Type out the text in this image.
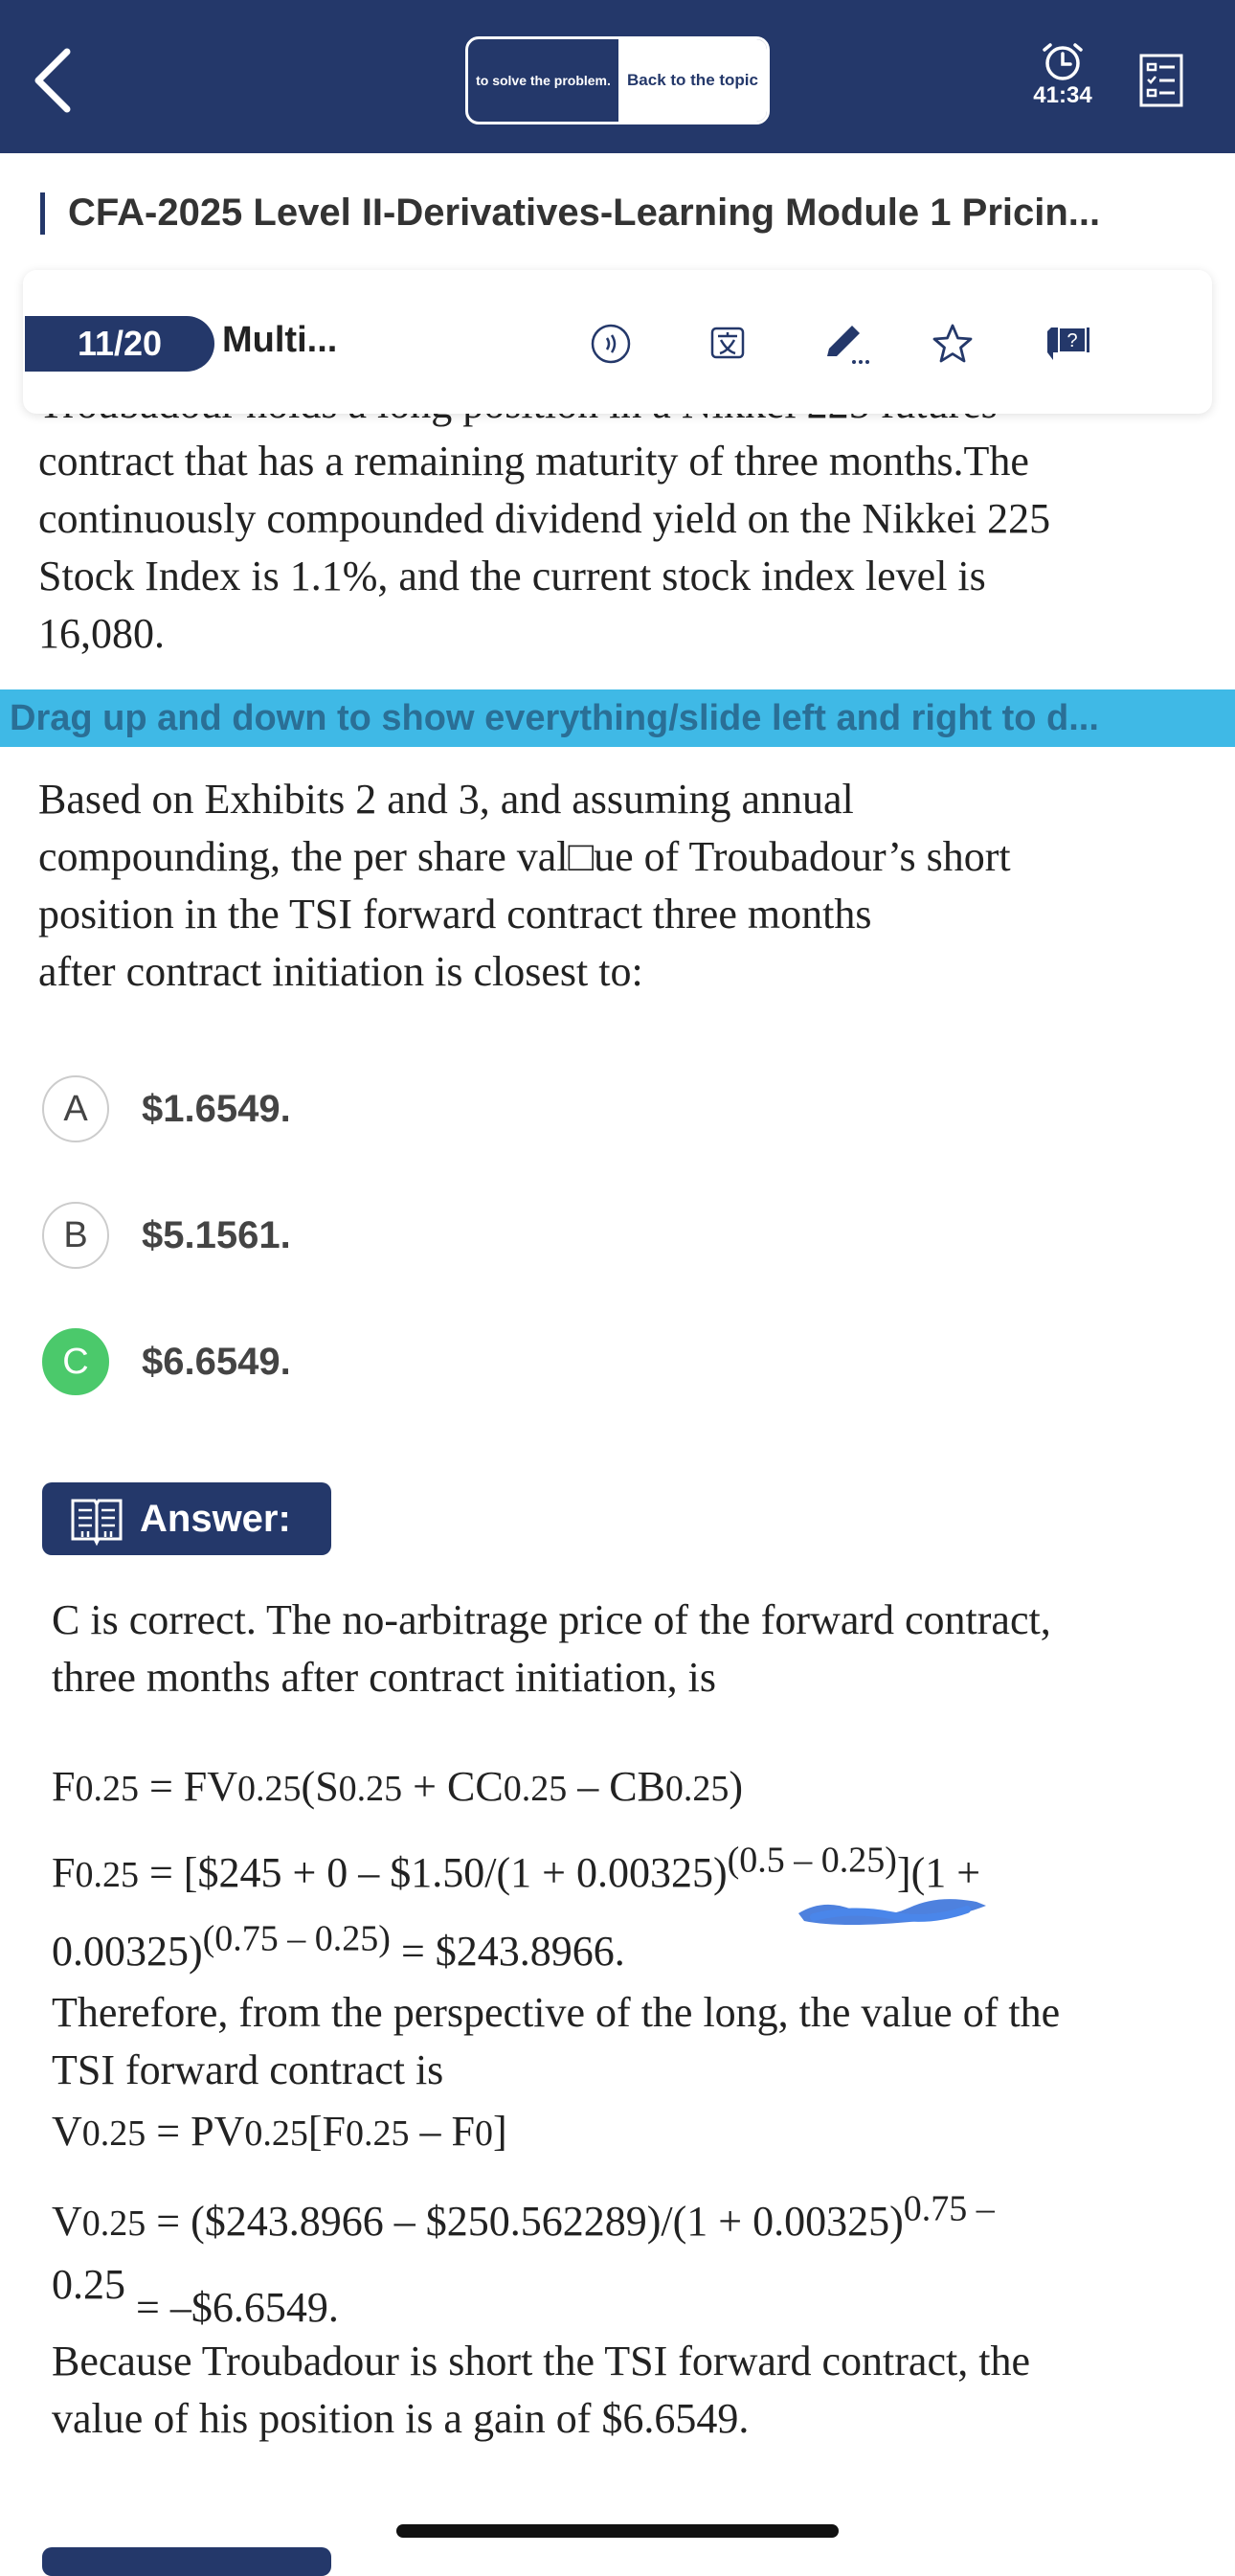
to solve the problem.	Back to the topic
41:34
CFA-2025 Level II-Derivatives-Learning Module 1 Pricin...
11/20	Multi...	?
contract that has a remaining maturity of three months.The
continuously compounded dividend yield on the Nikkei 225
Stock Index is 1.1%, and the current stock index level is
16,080.
Drag up and down to show everything/slide left and right to d...
Based on Exhibits 2 and 3, and assuming annual
compounding, the per share val□ue of Troubadour’s short
position in the TSI forward contract three months
after contract initiation is closest to:
A	$1.6549.
B	$5.1561.
C	$6.6549.
Answer:
C is correct. The no-arbitrage price of the forward contract,
three months after contract initiation, is
F0.25 = FV0.25(S0.25 + CC0.25 – CB0.25)
F0.25 = [$245 + 0 – $1.50/(1 + 0.00325)(0.5 – 0.25)](1 +
0.00325)(0.75 – 0.25) = $243.8966.
Therefore, from the perspective of the long, the value of the
TSI forward contract is
V0.25 = PV0.25[F0.25 – F0]
V0.25 = ($243.8966 – $250.562289)/(1 + 0.00325)0.75 –
0.25 = –$6.6549.
Because Troubadour is short the TSI forward contract, the
value of his position is a gain of $6.6549.
